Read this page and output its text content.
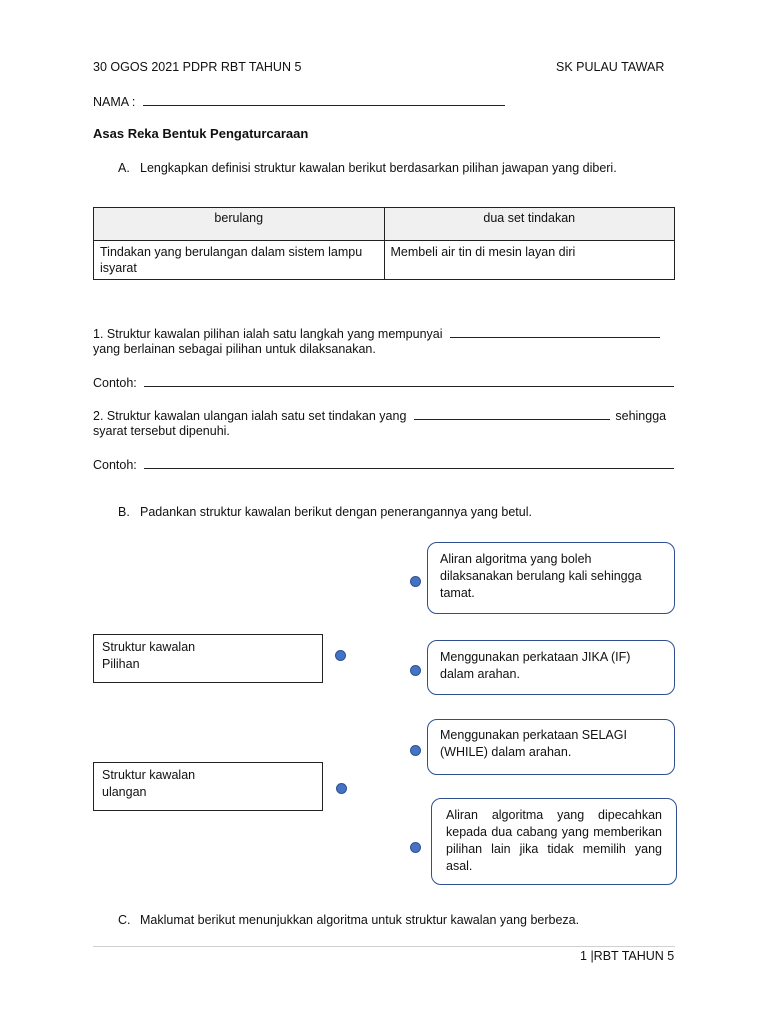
30 OGOS 2021 PDPR RBT TAHUN 5	SK PULAU TAWAR
NAMA :
Asas Reka Bentuk Pengaturcaraan
A. Lengkapkan definisi struktur kawalan berikut berdasarkan pilihan jawapan yang diberi.
berulang	dua set tindakan
Tindakan yang berulangan dalam sistem lampu isyarat	Membeli air tin di mesin layan diri
1. Struktur kawalan pilihan ialah satu langkah yang mempunyai
yang berlainan sebagai pilihan untuk dilaksanakan.
Contoh:
2. Struktur kawalan ulangan ialah satu set tindakan yang	sehingga
syarat tersebut dipenuhi.
Contoh:
B. Padankan struktur kawalan berikut dengan penerangannya yang betul.
Struktur kawalan
Pilihan
Struktur kawalan
ulangan
Aliran algoritma yang boleh dilaksanakan berulang kali sehingga tamat.
Menggunakan perkataan JIKA (IF) dalam arahan.
Menggunakan perkataan SELAGI (WHILE) dalam arahan.
Aliran algoritma yang dipecahkan kepada dua cabang yang memberikan pilihan lain jika tidak memilih yang asal.
C. Maklumat berikut menunjukkan algoritma untuk struktur kawalan yang berbeza.
1 |RBT TAHUN 5
